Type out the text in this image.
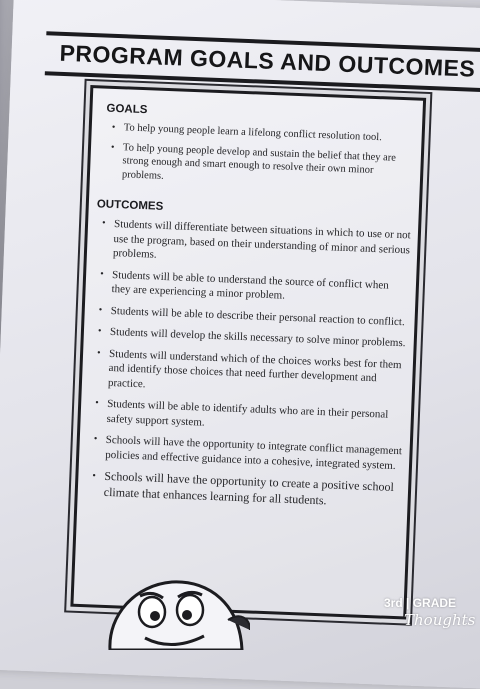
PROGRAM GOALS AND OUTCOMES
GOALS
• To help young people learn a lifelong conflict resolution tool.
• To help young people develop and sustain the belief that they are strong enough and smart enough to resolve their own minor problems.
OUTCOMES
• Students will differentiate between situations in which to use or not use the program, based on their understanding of minor and serious problems.
• Students will be able to understand the source of conflict when they are experiencing a minor problem.
• Students will be able to describe their personal reaction to conflict.
• Students will develop the skills necessary to solve minor problems.
• Students will understand which of the choices works best for them and identify those choices that need further development and practice.
• Students will be able to identify adults who are in their personal safety support system.
• Schools will have the opportunity to integrate conflict management policies and effective guidance into a cohesive, integrated system.
• Schools will have the opportunity to create a positive school climate that enhances learning for all students.
3rd | GRADE
Thoughts
